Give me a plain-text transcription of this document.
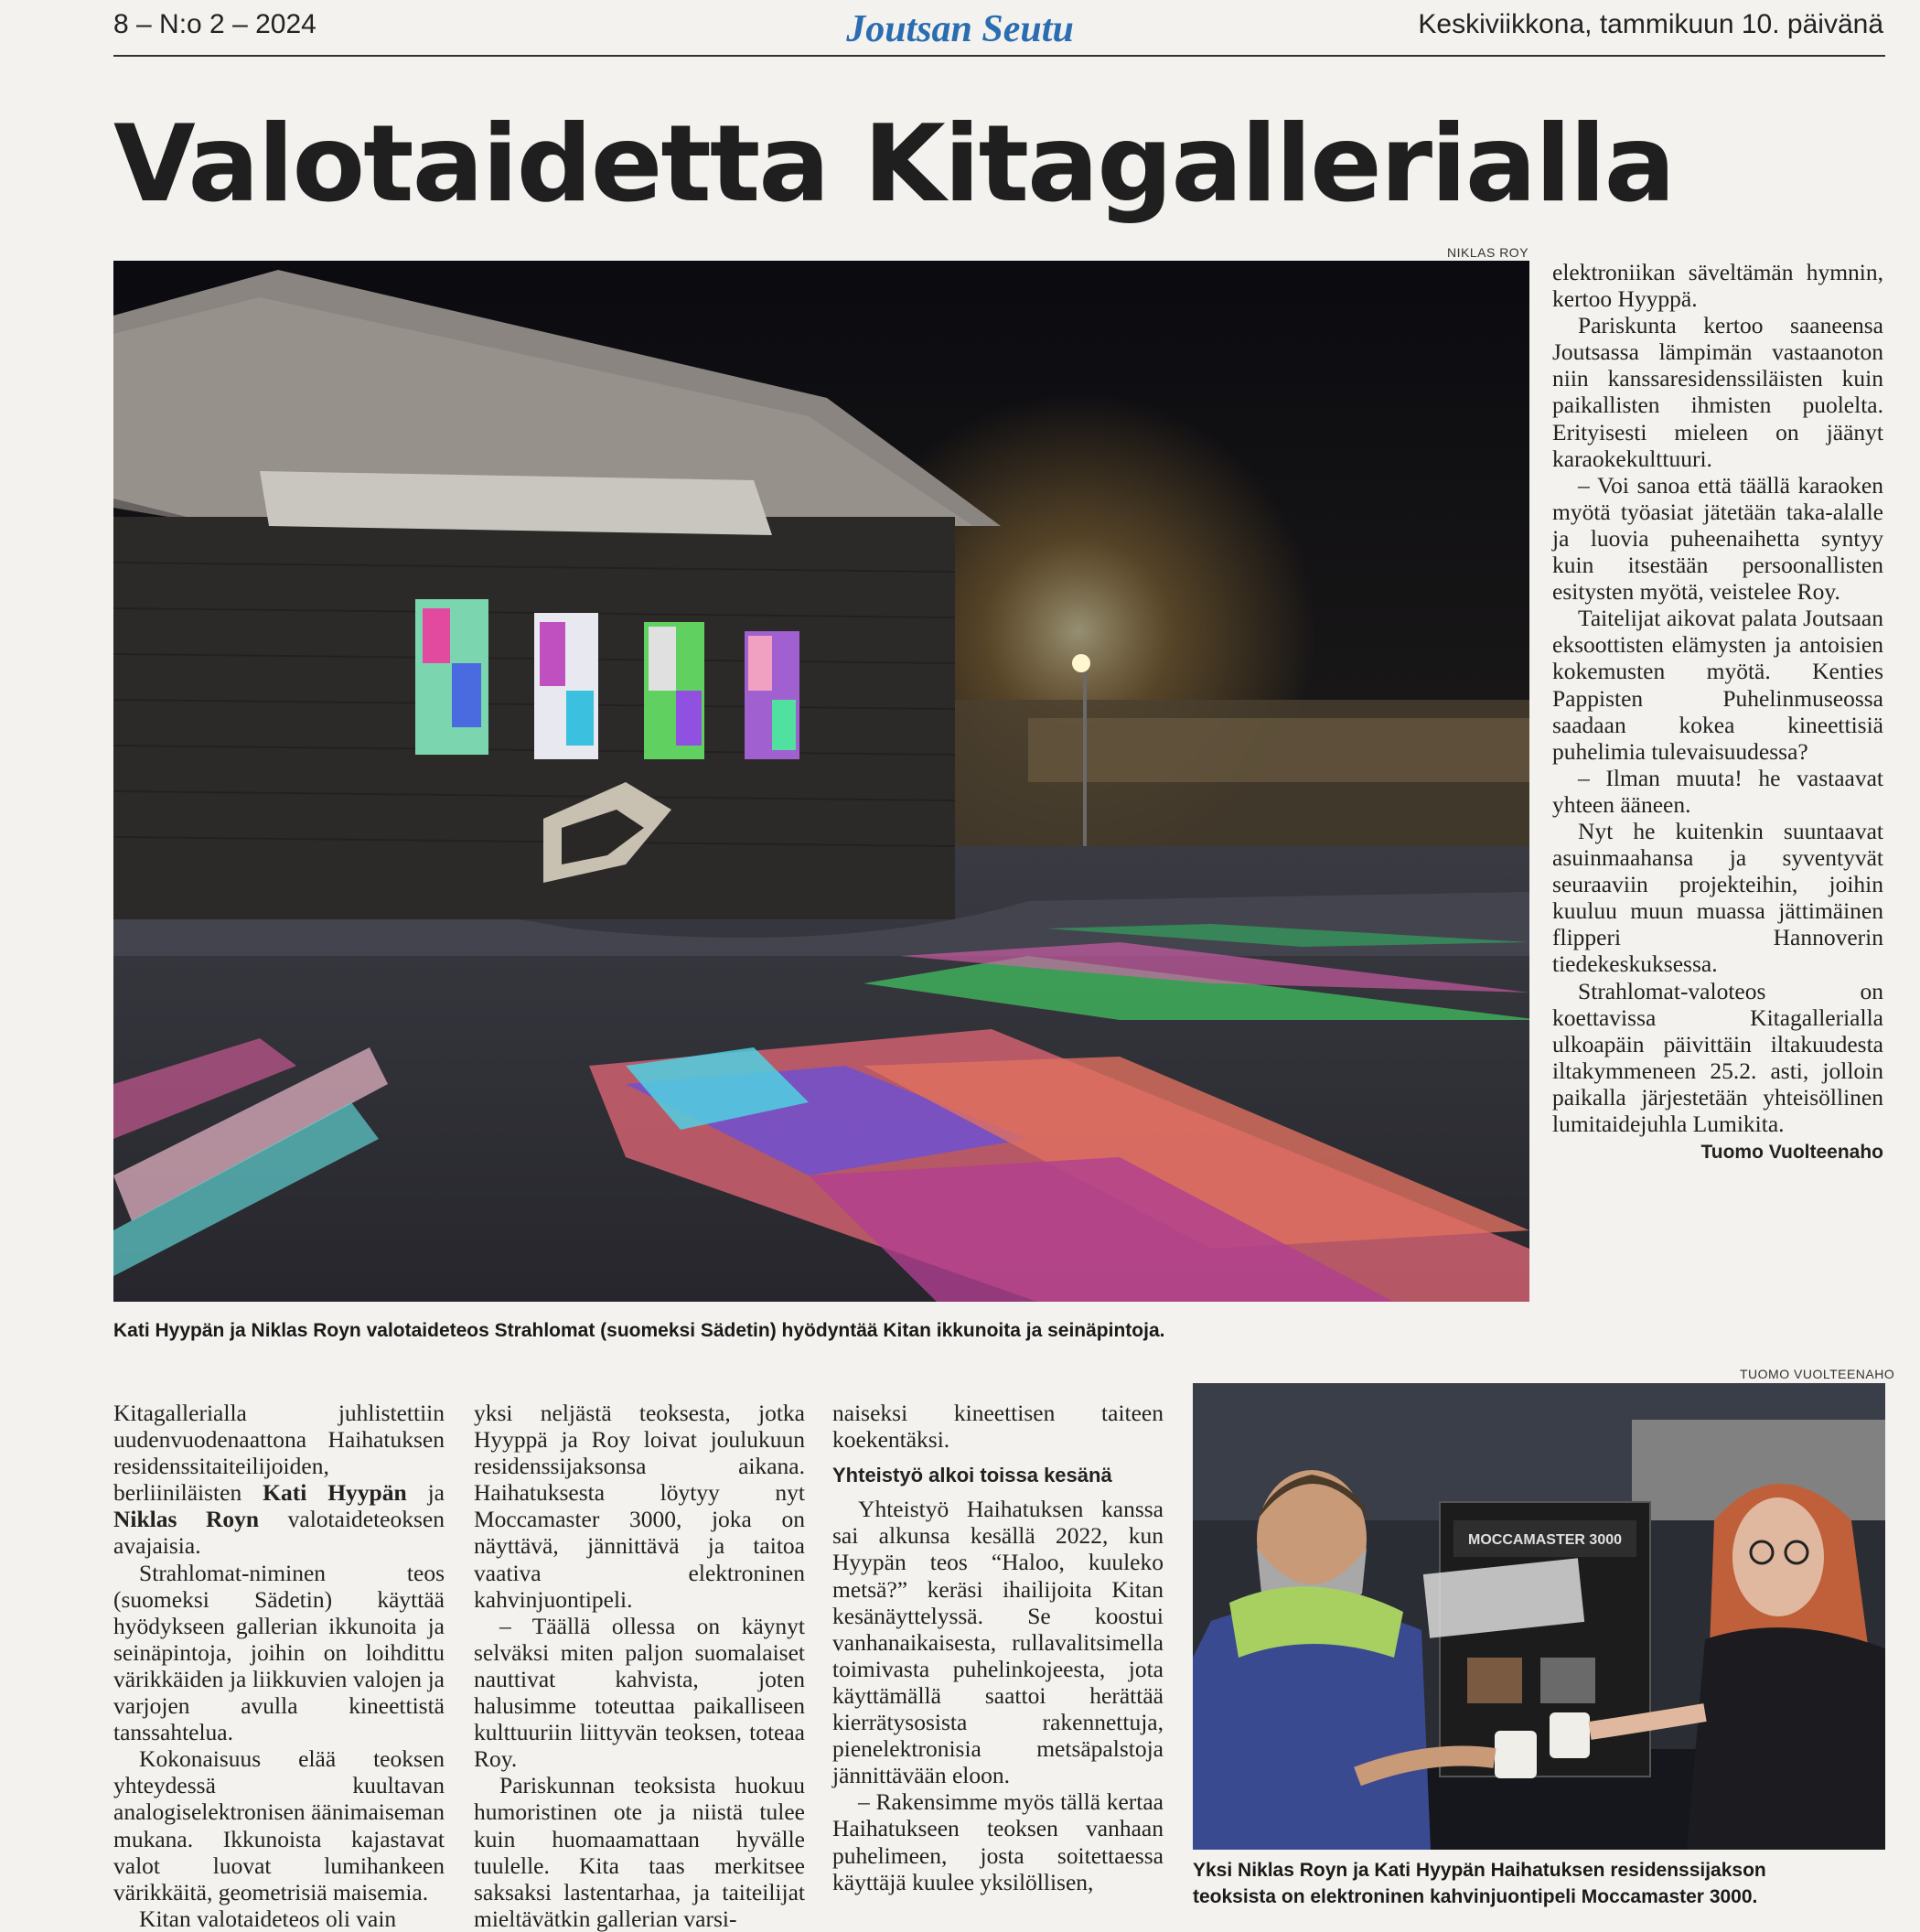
8 – N:o 2 – 2024	Joutsan Seutu	Keskiviikkona, tammikuun 10. päivänä
Valotaidetta Kitagallerialla
NIKLAS ROY
Kati Hyypän ja Niklas Royn valotaideteos Strahlomat (suomeksi Sädetin) hyödyntää Kitan ikkunoita ja seinäpintoja.

Kitagallerialla juhlistettiin uudenvuodenaattona Haihatuksen residenssitaiteilijoiden, berliiniläisten Kati Hyypän ja Niklas Royn valotaideteoksen avajaisia.

Strahlomat-niminen teos (suomeksi Sädetin) käyttää hyödykseen gallerian ikkunoita ja seinäpintoja, joihin on loihdittu värikkäiden ja liikkuvien valojen ja varjojen avulla kineettistä tanssahtelua.

Kokonaisuus elää teoksen yhteydessä kuultavan analogiselektronisen äänimaiseman mukana. Ikkunoista kajastavat valot luovat lumihankeen värikkäitä, geometrisiä maisemia.

Kitan valotaideteos oli vain

yksi neljästä teoksesta, jotka Hyyppä ja Roy loivat joulukuun residenssijaksonsa aikana. Haihatuksesta löytyy nyt Moccamaster 3000, joka on näyttävä, jännittävä ja taitoa vaativa elektroninen kahvinjuontipeli.

– Täällä ollessa on käynyt selväksi miten paljon suomalaiset nauttivat kahvista, joten halusimme toteuttaa paikalliseen kulttuuriin liittyvän teoksen, toteaa Roy.

Pariskunnan teoksista huokuu humoristinen ote ja niistä tulee kuin huomaamattaan hyvälle tuulelle. Kita taas merkitsee saksaksi lastentarhaa, ja taiteilijat mieltävätkin gallerian varsi-

naiseksi kineettisen taiteen koekentäksi.

Yhteistyö alkoi toissa kesänä

Yhteistyö Haihatuksen kanssa sai alkunsa kesällä 2022, kun Hyypän teos “Haloo, kuuleko metsä?” keräsi ihailijoita Kitan kesänäyttelyssä. Se koostui vanhanaikaisesta, rullavalitsimella toimivasta puhelinkojeesta, jota käyttämällä saattoi herättää kierrätysosista rakennettuja, pienelektronisia metsäpalstoja jännittävään eloon.

– Rakensimme myös tällä kertaa Haihatukseen teoksen vanhaan puhelimeen, josta soitettaessa käyttäjä kuulee yksilöllisen,

elektroniikan säveltämän hymnin, kertoo Hyyppä.

Pariskunta kertoo saaneensa Joutsassa lämpimän vastaanoton niin kanssaresidenssiläisten kuin paikallisten ihmisten puolelta. Erityisesti mieleen on jäänyt karaokekulttuuri.

– Voi sanoa että täällä karaoken myötä työasiat jätetään taka-alalle ja luovia puheenaihetta syntyy kuin itsestään persoonallisten esitysten myötä, veistelee Roy.

Taitelijat aikovat palata Joutsaan eksoottisten elämysten ja antoisien kokemusten myötä. Kenties Pappisten Puhelinmuseossa saadaan kokea kineettisiä puhelimia tulevaisuudessa?

– Ilman muuta! he vastaavat yhteen ääneen.

Nyt he kuitenkin suuntaavat asuinmaahansa ja syventyvät seuraaviin projekteihin, joihin kuuluu muun muassa jättimäinen flipperi Hannoverin tiedekeskuksessa.

Strahlomat-valoteos on koettavissa Kitagallerialla ulkoapäin päivittäin iltakuudesta iltakymmeneen 25.2. asti, jolloin paikalla järjestetään yhteisöllinen lumitaidejuhla Lumikita.

Tuomo Vuolteenaho
TUOMO VUOLTEENAHO
MOCCAMASTER 3000
Yksi Niklas Royn ja Kati Hyypän Haihatuksen residenssijakson
teoksista on elektroninen kahvinjuontipeli Moccamaster 3000.
